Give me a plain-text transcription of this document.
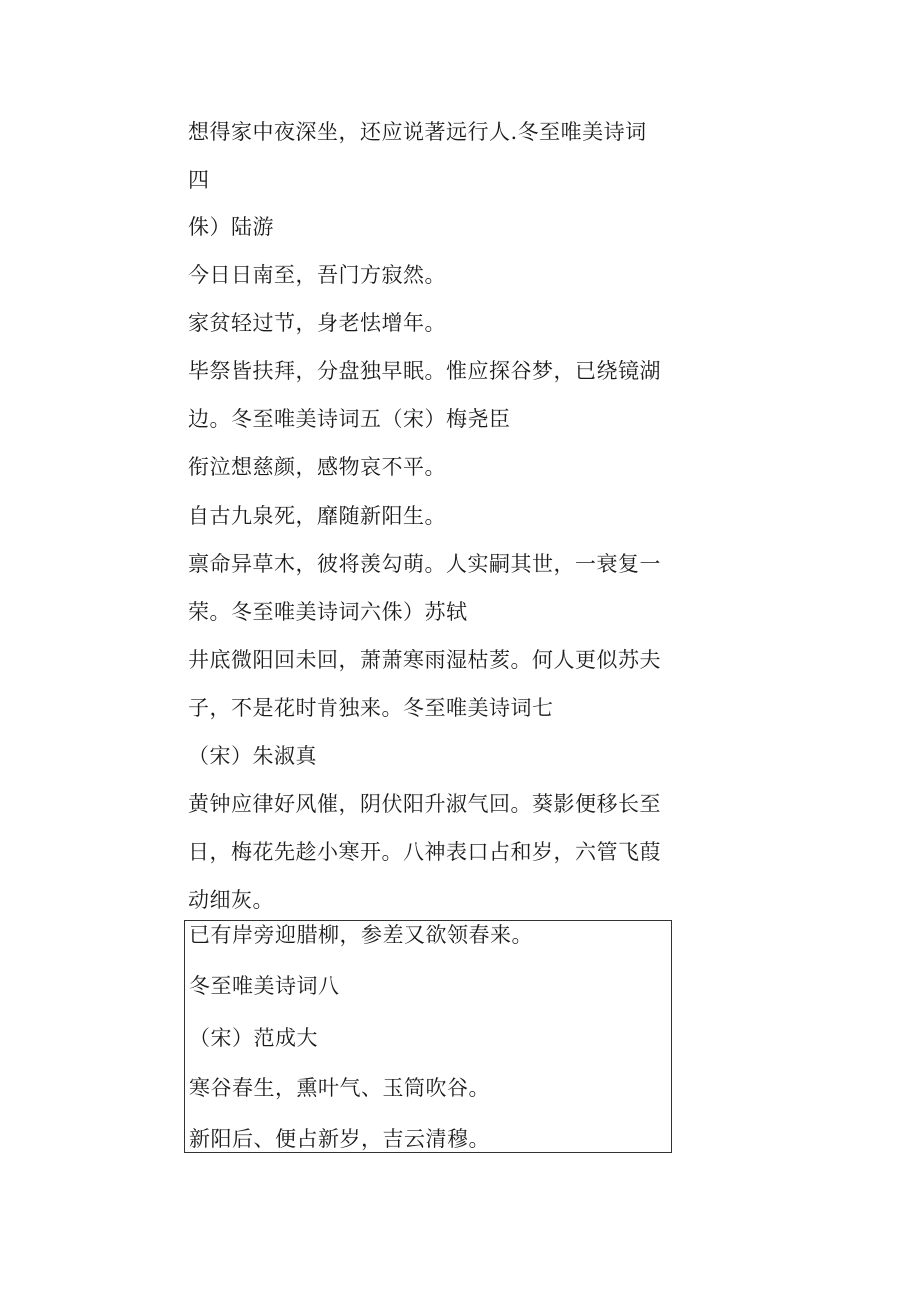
想得家中夜深坐，还应说著远行人.冬至唯美诗词
四
侏）陆游
今日日南至，吾门方寂然。
家贫轻过节，身老怯增年。
毕祭皆扶拜，分盘独早眠。惟应探谷梦，已绕镜湖
边。冬至唯美诗词五（宋）梅尧臣
衔泣想慈颜，感物哀不平。
自古九泉死，靡随新阳生。
禀命异草木，彼将羡勾萌。人实嗣其世，一衰复一
荣。冬至唯美诗词六侏）苏轼
井底微阳回未回，萧萧寒雨湿枯荄。何人更似苏夫
子，不是花时肯独来。冬至唯美诗词七
（宋）朱淑真
黄钟应律好风催，阴伏阳升淑气回。葵影便移长至
日，梅花先趁小寒开。八神表口占和岁，六管飞葭
动细灰。
已有岸旁迎腊柳，参差又欲领春来。
冬至唯美诗词八
（宋）范成大
寒谷春生，熏叶气、玉筒吹谷。
新阳后、便占新岁，吉云清穆。
